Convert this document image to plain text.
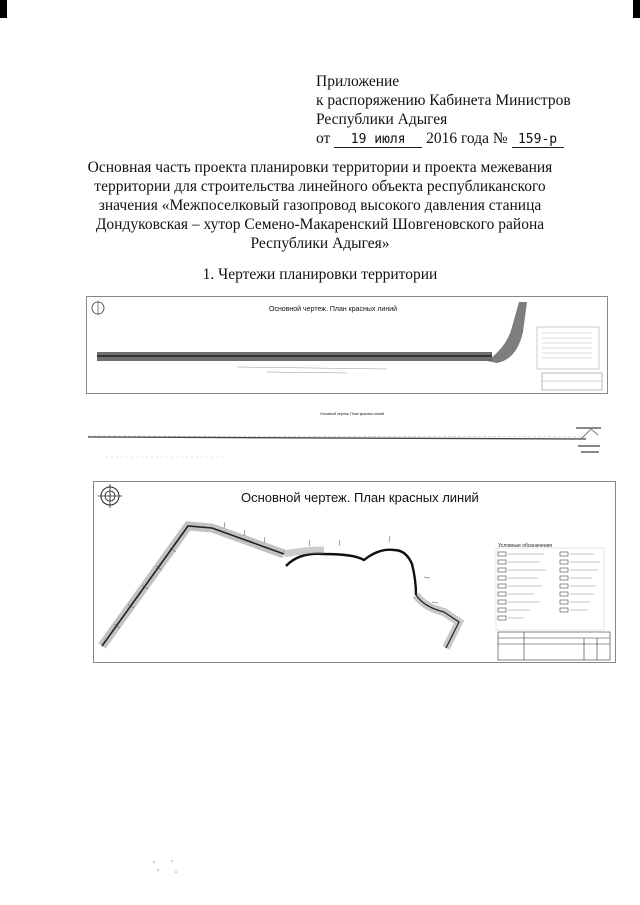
Приложение
к распоряжению Кабинета Министров
Республики Адыгея
от 19 июля 2016 года № 159-р
Основная часть проекта планировки территории и проекта межевания территории для строительства линейного объекта республиканского значения «Межпоселковый газопровод высокого давления станица Дондуковская – хутор Семено-Макаренский Шовгеновского района Республики Адыгея»
1. Чертежи планировки территории
Основной чертеж. План красных линий
Основной чертеж. План красных линий
Основной чертеж. План красных линий
Условные обозначения
